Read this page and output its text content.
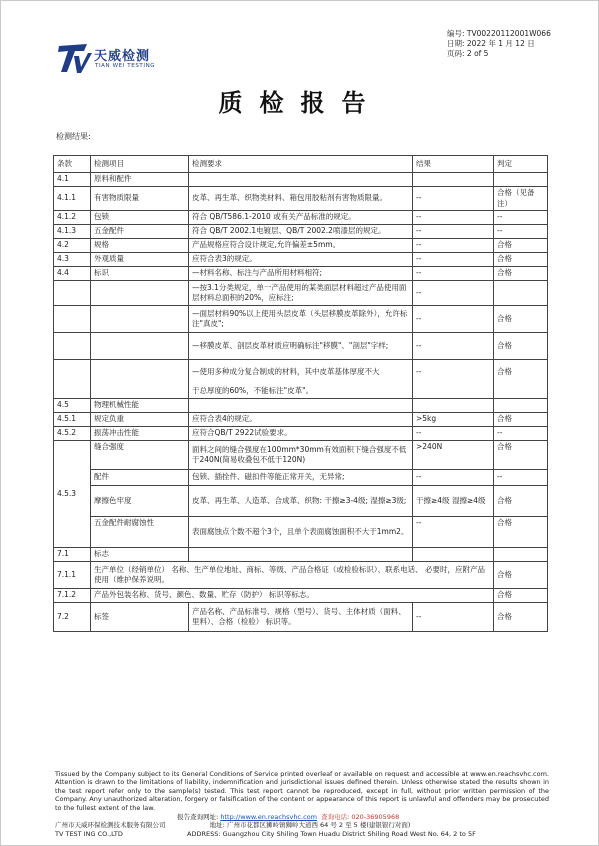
天威检测
TIAN WEI TESTING
编号: TV00220112001W066
日期: 2022 年 1 月 12 日
页码: 2 of 5
质检报告
检测结果:
条款	检测项目	检测要求	结果	判定
4.1	原料和配件			
4.1.1	有害物质限量	皮革、再生革、织物类材料、箱包用胶粘剂有害物质限量。	--	合格（见备注）
4.1.2	包锁	符合 QB/T586.1-2010 或有关产品标准的规定。	--	--
4.1.3	五金配件	符合 QB/T 2002.1电镀层、QB/T 2002.2喷漆层的规定。	--	--
4.2	规格	产品规格应符合设计规定,允许偏差±5mm。	--	合格
4.3	外观质量	应符合表3的规定。	--	合格
4.4	标识	—材料名称、标注与产品所用材料相符;	--	合格
		—按3.1分类规定，单一产品使用的某类面层材料超过产品使用面层材料总面积的20%，应标注;	--	
		—面层材料90%以上使用头层皮革（头层移膜皮革除外），允许标注"真皮";	--	合格
		—移膜皮革、剖层皮革材质应明确标注"移膜"、"剖层"字样;	--	合格
		—使用多种成分复合制成的材料，其中皮革基体厚度不大	--	合格
		于总厚度的60%，不能标注"皮革"。		
4.5	物理机械性能			
4.5.1	规定负重	应符合表4的规定。	>5kg	合格
4.5.2	振荡冲击性能	应符合QB/T 2922试验要求。	--	--
4.5.3	缝合强度	面料之间的缝合强度在100mm*30mm有效面积下缝合强度不低于240N(简易收叠包不低于120N)	>240N	合格
	配件	包锁、插拴件、磁扣件等能正常开关，无异常;	--	--
	摩擦色牢度	皮革、再生革、人造革、合成革、织物: 干擦≥3-4级; 湿擦≥3级;	干擦≥4级 湿擦≥4级	合格
	五金配件耐腐蚀性	表面腐蚀点个数不超个3个，且单个表面腐蚀面积不大于1mm2。	--	合格
7.1	标志			
7.1.1	生产单位（经销单位） 名称、生产单位地址、商标、等级、产品合格证（或检验标识）、联系电话、 必要时，应附产品使用（维护保养说明。			合格
7.1.2	产品外包装名称、货号、颜色、数量、贮存（防护） 标识等标志。			合格
7.2	标签	产品名称、产品标准号、规格（型号）、货号、主体材质（面料、里料）、合格（检验） 标识等。	--	合格
Tissued by the Company subject to its General Conditions of Service printed overleaf or available on request and accessible at www.en.reachsvhc.com. Attention is drawn to the limitations of liability, indemnification and jurisdictional issues defined therein. Unless otherwise stated the results shown in the test report refer only to the sample(s) tested. This test report cannot be reproduced, except in full, without prior written permission of the Company. Any unauthorized alteration, forgery or falsification of the content or appearance of this report is unlawful and offenders may be prosecuted to the fullest extent of the law.
报告查询网址: http://www.en.reachsvhc.com 查询电话: 020-36905968
广州市天威环保检测技术服务有限公司	地址: 广州市花都区狮岭镇狮岭大道西 64 号 2 至 5 楼(建银银行对面)
TV TEST ING CO.,LTD	ADDRESS: Guangzhou City Shiling Town Huadu District Shiling Road West No. 64, 2 to 5F
